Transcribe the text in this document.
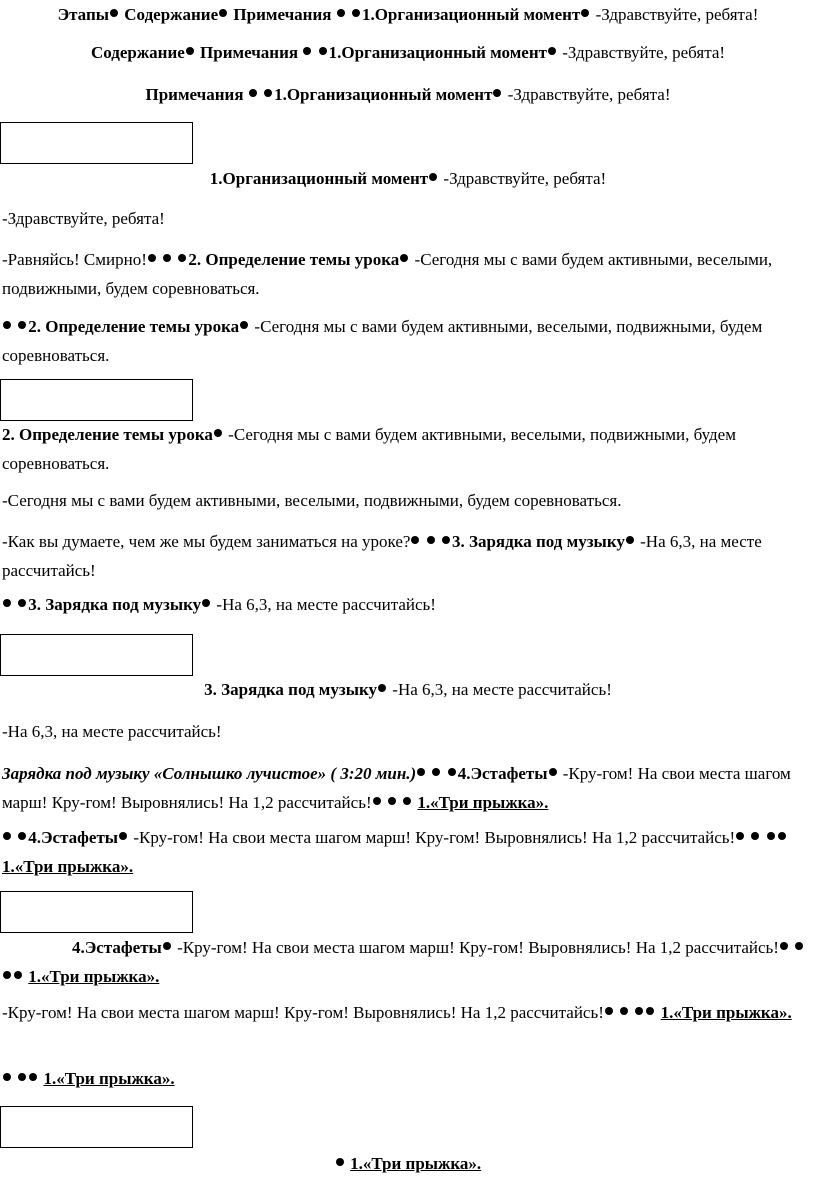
Этапы Содержание Примечания 1.Организационный момент -Здравствуйте, ребята!

Содержание Примечания 1.Организационный момент -Здравствуйте, ребята!

Примечания 1.Организационный момент -Здравствуйте, ребята!

1.Организационный момент -Здравствуйте, ребята!

-Здравствуйте, ребята!

-Равняйсь! Смирно! 2. Определение темы урока -Сегодня мы с вами будем активными, веселыми, подвижными, будем соревноваться.

2. Определение темы урока -Сегодня мы с вами будем активными, веселыми, подвижными, будем соревноваться.

2. Определение темы урока -Сегодня мы с вами будем активными, веселыми, подвижными, будем соревноваться.

-Сегодня мы с вами будем активными, веселыми, подвижными, будем соревноваться.

-Как вы думаете, чем же мы будем заниматься на уроке? 3. Зарядка под музыку -На 6,3, на месте рассчитайсь!

3. Зарядка под музыку -На 6,3, на месте рассчитайсь!

3. Зарядка под музыку -На 6,3, на месте рассчитайсь!

-На 6,3, на месте рассчитайсь!

Зарядка под музыку «Солнышко лучистое» ( 3:20 мин.) 4.Эстафеты -Кру-гом! На свои места шагом марш! Кру-гом! Выровнялись! На 1,2 рассчитайсь!	1.«Три прыжка».

4.Эстафеты -Кру-гом! На свои места шагом марш! Кру-гом! Выровнялись! На 1,2 рассчитайсь!   1.«Три прыжка».

4.Эстафеты -Кру-гом! На свои места шагом марш! Кру-гом! Выровнялись! На 1,2 рассчитайсь!   1.«Три прыжка».

-Кру-гом! На свои места шагом марш! Кру-гом! Выровнялись! На 1,2 рассчитайсь!	1.«Три прыжка».

1.«Три прыжка».

1.«Три прыжка».
